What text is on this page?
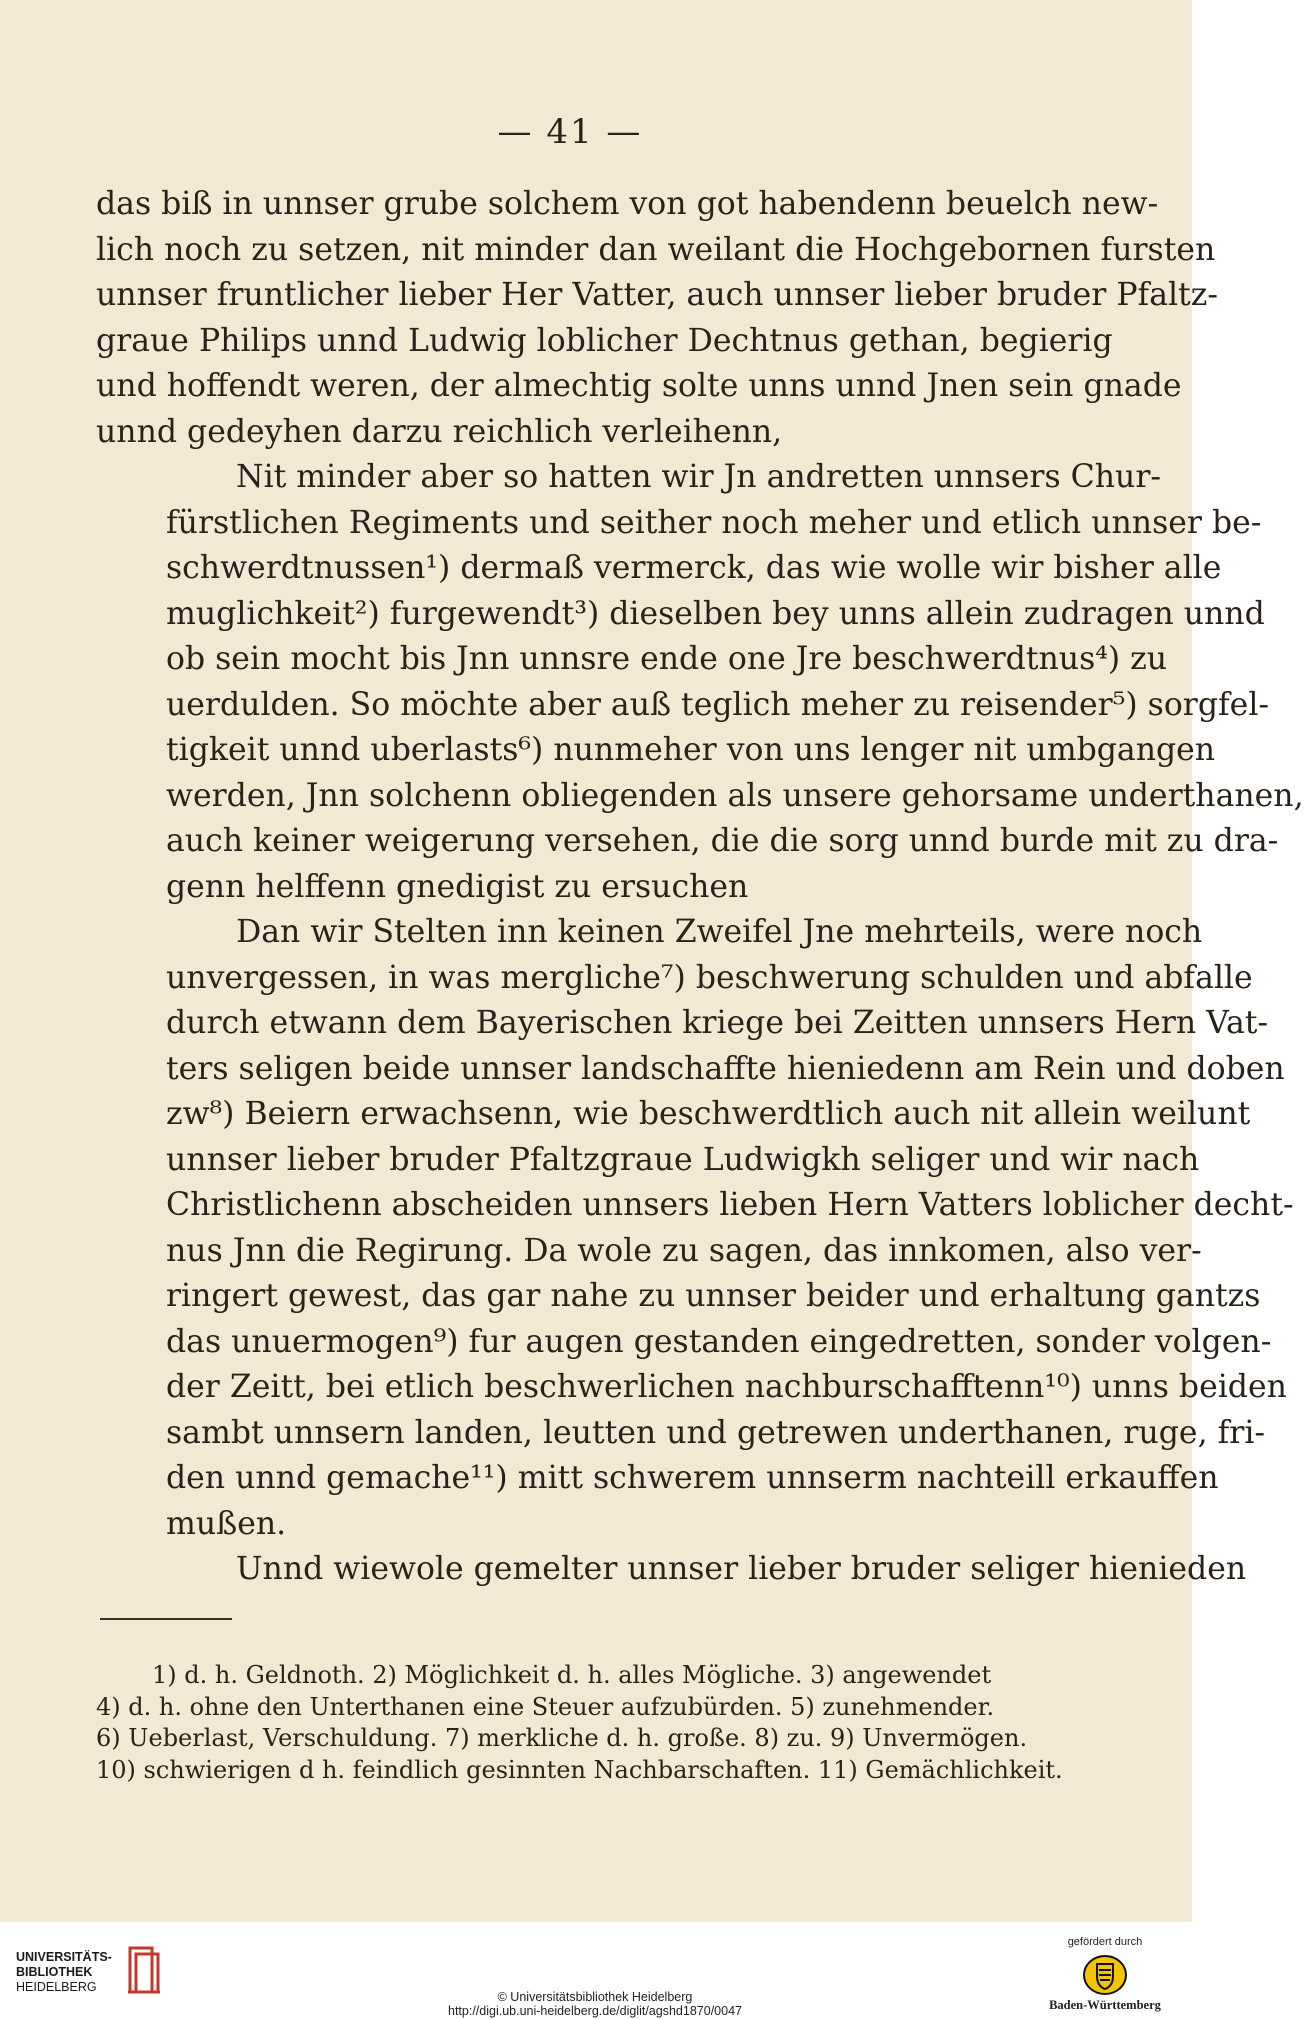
— 41 —

das biß in unnser grube solchem von got habendenn beuelch new-
lich noch zu setzen, nit minder dan weilant die Hochgebornen fursten
unnser fruntlicher lieber Her Vatter, auch unnser lieber bruder Pfaltz-
graue Philips unnd Ludwig loblicher Dechtnus gethan, begierig
und hoffendt weren, der almechtig solte unns unnd Jnen sein gnade
unnd gedeyhen darzu reichlich verleihenn,

Nit minder aber so hatten wir Jn andretten unnsers Chur-
fürstlichen Regiments und seither noch meher und etlich unnser be-
schwerdtnussen¹) dermaß vermerck, das wie wolle wir bisher alle
muglichkeit²) furgewendt³) dieselben bey unns allein zudragen unnd
ob sein mocht bis Jnn unnsre ende one Jre beschwerdtnus⁴) zu
uerdulden. So möchte aber auß teglich meher zu reisender⁵) sorgfel-
tigkeit unnd uberlasts⁶) nunmeher von uns lenger nit umbgangen
werden, Jnn solchenn obliegenden als unsere gehorsame underthanen,
auch keiner weigerung versehen, die die sorg unnd burde mit zu dra-
genn helffenn gnedigist zu ersuchen

Dan wir Stelten inn keinen Zweifel Jne mehrteils, were noch
unvergessen, in was mergliche⁷) beschwerung schulden und abfalle
durch etwann dem Bayerischen kriege bei Zeitten unnsers Hern Vat-
ters seligen beide unnser landschaffte hieniedenn am Rein und doben
zw⁸) Beiern erwachsenn, wie beschwerdtlich auch nit allein weilunt
unnser lieber bruder Pfaltzgraue Ludwigkh seliger und wir nach
Christlichenn abscheiden unnsers lieben Hern Vatters loblicher decht-
nus Jnn die Regirung. Da wole zu sagen, das innkomen, also ver-
ringert gewest, das gar nahe zu unnser beider und erhaltung gantzs
das unuermogen⁹) fur augen gestanden eingedretten, sonder volgen-
der Zeitt, bei etlich beschwerlichen nachburschafftenn¹⁰) unns beiden
sambt unnsern landen, leutten und getrewen underthanen, ruge, fri-
den unnd gemache¹¹) mitt schwerem unnserm nachteill erkauffen
mußen.

Unnd wiewole gemelter unnser lieber bruder seliger hienieden

1) d. h. Geldnoth. 2) Möglichkeit d. h. alles Mögliche. 3) angewendet
4) d. h. ohne den Unterthanen eine Steuer aufzubürden. 5) zunehmender.
6) Ueberlast, Verschuldung. 7) merkliche d. h. große. 8) zu. 9) Unvermögen.
10) schwierigen d h. feindlich gesinnten Nachbarschaften. 11) Gemächlichkeit.
UNIVERSITÄTS-
BIBLIOTHEK
HEIDELBERG
© Universitätsbibliothek Heidelberg
http://digi.ub.uni-heidelberg.de/diglit/agshd1870/0047
gefördert durch
Baden-Württemberg
